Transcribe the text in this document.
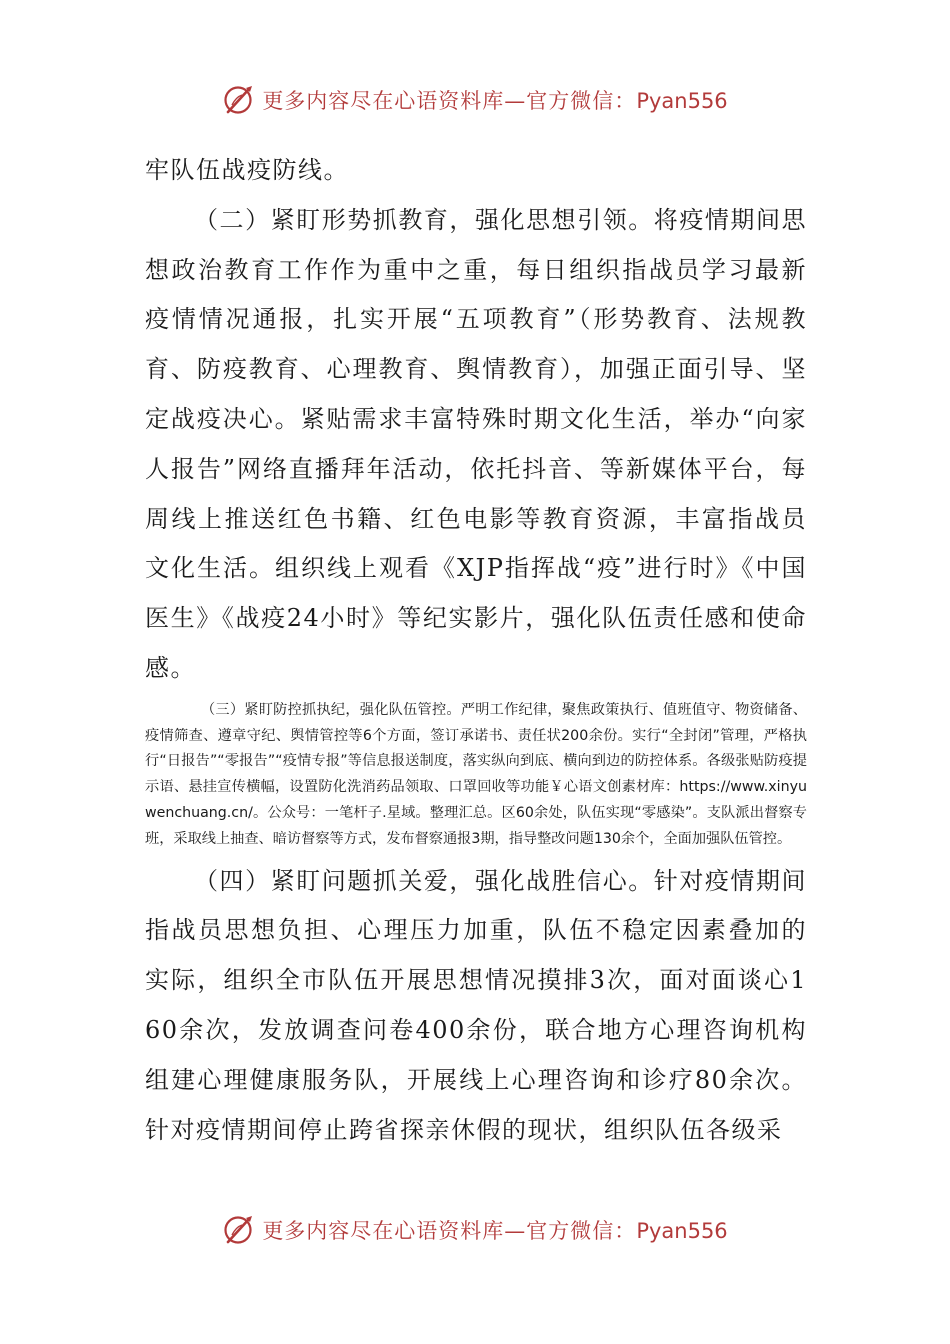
更多内容尽在心语资料库—官方微信：Pyan556

牢队伍战疫防线。

（二）紧盯形势抓教育，强化思想引领。将疫情期间思想政治教育工作作为重中之重，每日组织指战员学习最新疫情情况通报，扎实开展“五项教育”（形势教育、法规教育、防疫教育、心理教育、舆情教育），加强正面引导、坚定战疫决心。紧贴需求丰富特殊时期文化生活，举办“向家人报告”网络直播拜年活动，依托抖音、等新媒体平台，每周线上推送红色书籍、红色电影等教育资源，丰富指战员文化生活。组织线上观看《XJP指挥战“疫”进行时》《中国医生》《战疫24小时》等纪实影片，强化队伍责任感和使命感。

（三）紧盯防控抓执纪，强化队伍管控。严明工作纪律，聚焦政策执行、值班值守、物资储备、疫情筛查、遵章守纪、舆情管控等6个方面，签订承诺书、责任状200余份。实行“全封闭”管理，严格执行“日报告”“零报告”“疫情专报”等信息报送制度，落实纵向到底、横向到边的防控体系。各级张贴防疫提示语、悬挂宣传横幅，设置防化洗消药品领取、口罩回收等功能￥心语文创素材库：https://www.xinyuwenchuang.cn/。公众号：一笔杆子.星域。整理汇总。区60余处，队伍实现“零感染”。支队派出督察专班，采取线上抽查、暗访督察等方式，发布督察通报3期，指导整改问题130余个，全面加强队伍管控。

（四）紧盯问题抓关爱，强化战胜信心。针对疫情期间指战员思想负担、心理压力加重，队伍不稳定因素叠加的实际，组织全市队伍开展思想情况摸排3次，面对面谈心160余次，发放调查问卷400余份，联合地方心理咨询机构组建心理健康服务队，开展线上心理咨询和诊疗80余次。针对疫情期间停止跨省探亲休假的现状，组织队伍各级采

更多内容尽在心语资料库—官方微信：Pyan556
